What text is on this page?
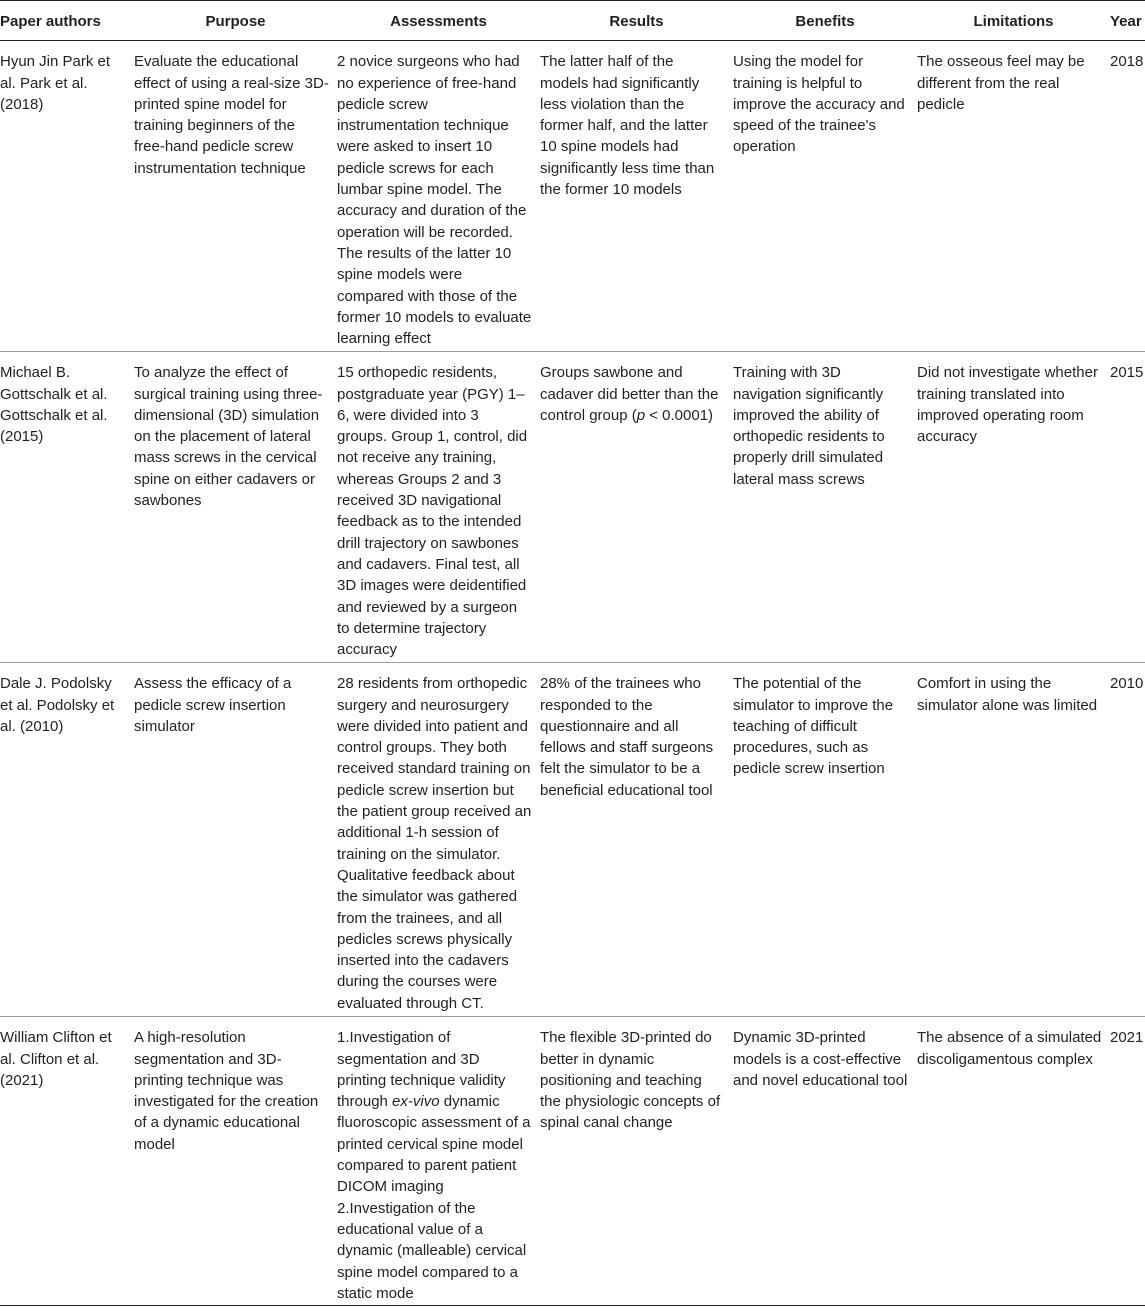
Paper authors	Purpose	Assessments	Results	Benefits	Limitations	Year

Hyun Jin Park et al. Park et al. (2018)	Evaluate the educational effect of using a real-size 3D-printed spine model for training beginners of the free-hand pedicle screw instrumentation technique	2 novice surgeons who had no experience of free-hand pedicle screw instrumentation technique were asked to insert 10 pedicle screws for each lumbar spine model. The accuracy and duration of the operation will be recorded. The results of the latter 10 spine models were compared with those of the former 10 models to evaluate learning effect	The latter half of the models had significantly less violation than the former half, and the latter 10 spine models had significantly less time than the former 10 models	Using the model for training is helpful to improve the accuracy and speed of the trainee's operation	The osseous feel may be different from the real pedicle	2018

Michael B. Gottschalk et al. Gottschalk et al. (2015)	To analyze the effect of surgical training using three-dimensional (3D) simulation on the placement of lateral mass screws in the cervical spine on either cadavers or sawbones	15 orthopedic residents, postgraduate year (PGY) 1–6, were divided into 3 groups. Group 1, control, did not receive any training, whereas Groups 2 and 3 received 3D navigational feedback as to the intended drill trajectory on sawbones and cadavers. Final test, all 3D images were deidentified and reviewed by a surgeon to determine trajectory accuracy	Groups sawbone and cadaver did better than the control group (p < 0.0001)	Training with 3D navigation significantly improved the ability of orthopedic residents to properly drill simulated lateral mass screws	Did not investigate whether training translated into improved operating room accuracy	2015

Dale J. Podolsky et al. Podolsky et al. (2010)	Assess the efficacy of a pedicle screw insertion simulator	28 residents from orthopedic surgery and neurosurgery were divided into patient and control groups. They both received standard training on pedicle screw insertion but the patient group received an additional 1-h session of training on the simulator. Qualitative feedback about the simulator was gathered from the trainees, and all pedicles screws physically inserted into the cadavers during the courses were evaluated through CT.	28% of the trainees who responded to the questionnaire and all fellows and staff surgeons felt the simulator to be a beneficial educational tool	The potential of the simulator to improve the teaching of difficult procedures, such as pedicle screw insertion	Comfort in using the simulator alone was limited	2010

William Clifton et al. Clifton et al. (2021)	A high-resolution segmentation and 3D-printing technique was investigated for the creation of a dynamic educational model	1.Investigation of segmentation and 3D printing technique validity through ex-vivo dynamic fluoroscopic assessment of a printed cervical spine model compared to parent patient DICOM imaging
2.Investigation of the educational value of a dynamic (malleable) cervical spine model compared to a static mode	The flexible 3D-printed do better in dynamic positioning and teaching the physiologic concepts of spinal canal change	Dynamic 3D-printed models is a cost-effective and novel educational tool	The absence of a simulated discoligamentous complex	2021
